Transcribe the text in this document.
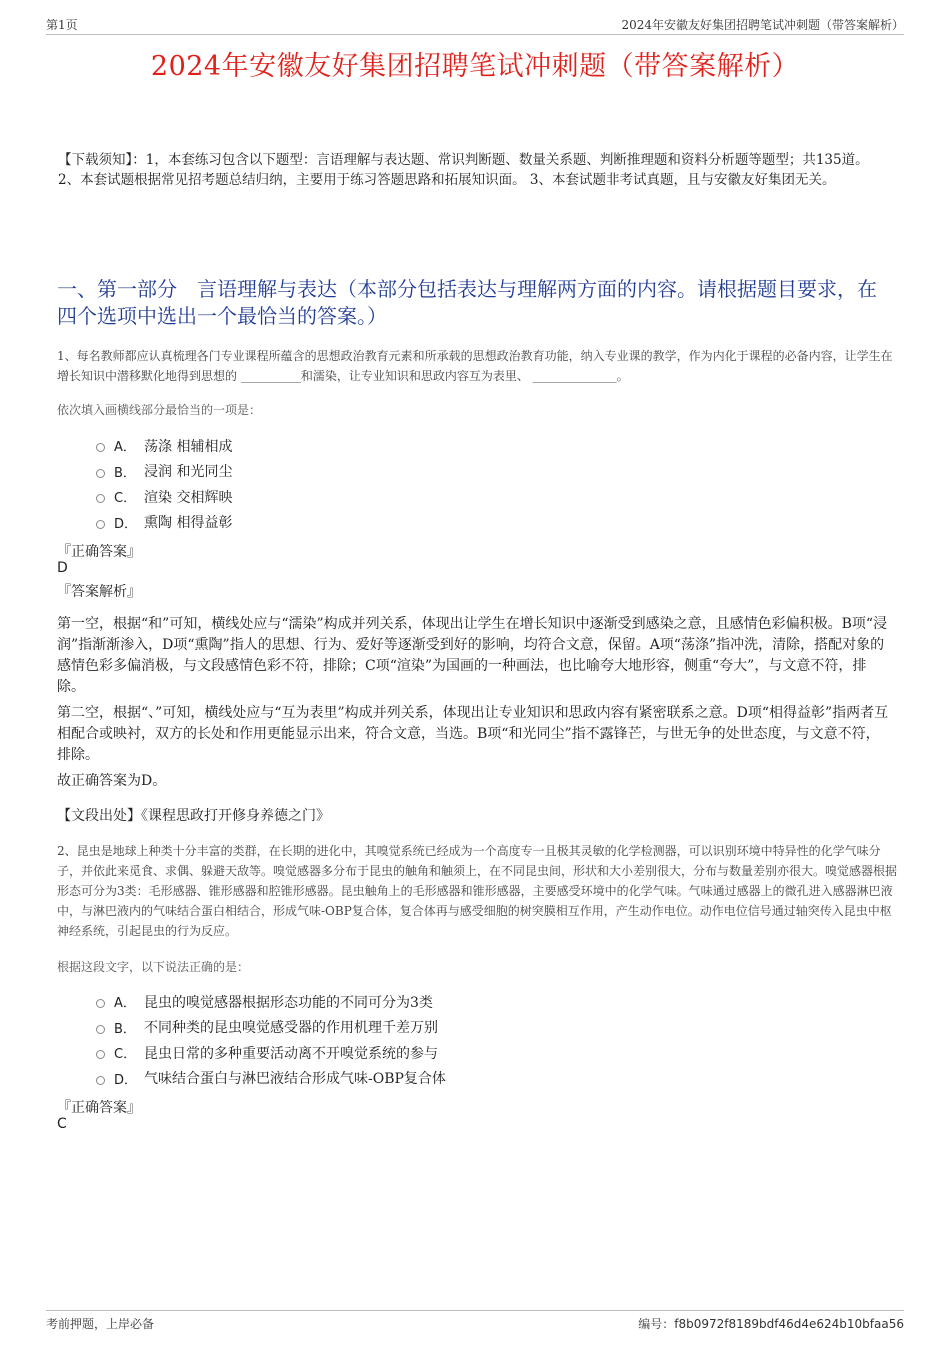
第1页	2024年安徽友好集团招聘笔试冲刺题（带答案解析）
2024年安徽友好集团招聘笔试冲刺题（带答案解析）
【下载须知】：1，本套练习包含以下题型：言语理解与表达题、常识判断题、数量关系题、判断推理题和资料分析题等题型；共135道。 2、本套试题根据常见招考题总结归纳，主要用于练习答题思路和拓展知识面。 3、本套试题非考试真题，且与安徽友好集团无关。
一、第一部分　言语理解与表达（本部分包括表达与理解两方面的内容。请根据题目要求，在四个选项中选出一个最恰当的答案。）
1、每名教师都应认真梳理各门专业课程所蕴含的思想政治教育元素和所承载的思想政治教育功能，纳入专业课的教学，作为内化于课程的必备内容，让学生在增长知识中潜移默化地得到思想的 __________和濡染，让专业知识和思政内容互为表里、 ______________。
依次填入画横线部分最恰当的一项是：
A． 荡涤 相辅相成
B． 浸润 和光同尘
C． 渲染 交相辉映
D． 熏陶 相得益彰
『正确答案』
D
『答案解析』
第一空，根据“和”可知，横线处应与“濡染”构成并列关系，体现出让学生在增长知识中逐渐受到感染之意，且感情色彩偏积极。B项“浸润”指渐渐渗入，D项“熏陶”指人的思想、行为、爱好等逐渐受到好的影响，均符合文意，保留。A项“荡涤”指冲洗，清除，搭配对象的感情色彩多偏消极，与文段感情色彩不符，排除；C项“渲染”为国画的一种画法，也比喻夸大地形容，侧重“夸大”，与文意不符，排除。
第二空，根据“、”可知，横线处应与“互为表里”构成并列关系，体现出让专业知识和思政内容有紧密联系之意。D项“相得益彰”指两者互相配合或映衬，双方的长处和作用更能显示出来，符合文意，当选。B项“和光同尘”指不露锋芒，与世无争的处世态度，与文意不符，排除。
故正确答案为D。
【文段出处】《课程思政打开修身养德之门》
2、昆虫是地球上种类十分丰富的类群，在长期的进化中，其嗅觉系统已经成为一个高度专一且极其灵敏的化学检测器，可以识别环境中特异性的化学气味分子，并依此来觅食、求偶、躲避天敌等。嗅觉感器多分布于昆虫的触角和触须上，在不同昆虫间，形状和大小差别很大，分布与数量差别亦很大。嗅觉感器根据形态可分为3类：毛形感器、锥形感器和腔锥形感器。昆虫触角上的毛形感器和锥形感器，主要感受环境中的化学气味。气味通过感器上的微孔进入感器淋巴液中，与淋巴液内的气味结合蛋白相结合，形成气味-OBP复合体，复合体再与感受细胞的树突膜相互作用，产生动作电位。动作电位信号通过轴突传入昆虫中枢神经系统，引起昆虫的行为反应。
根据这段文字，以下说法正确的是：
A． 昆虫的嗅觉感器根据形态功能的不同可分为3类
B． 不同种类的昆虫嗅觉感受器的作用机理千差万别
C． 昆虫日常的多种重要活动离不开嗅觉系统的参与
D． 气味结合蛋白与淋巴液结合形成气味-OBP复合体
『正确答案』
C
考前押题，上岸必备	编号：f8b0972f8189bdf46d4e624b10bfaa56
